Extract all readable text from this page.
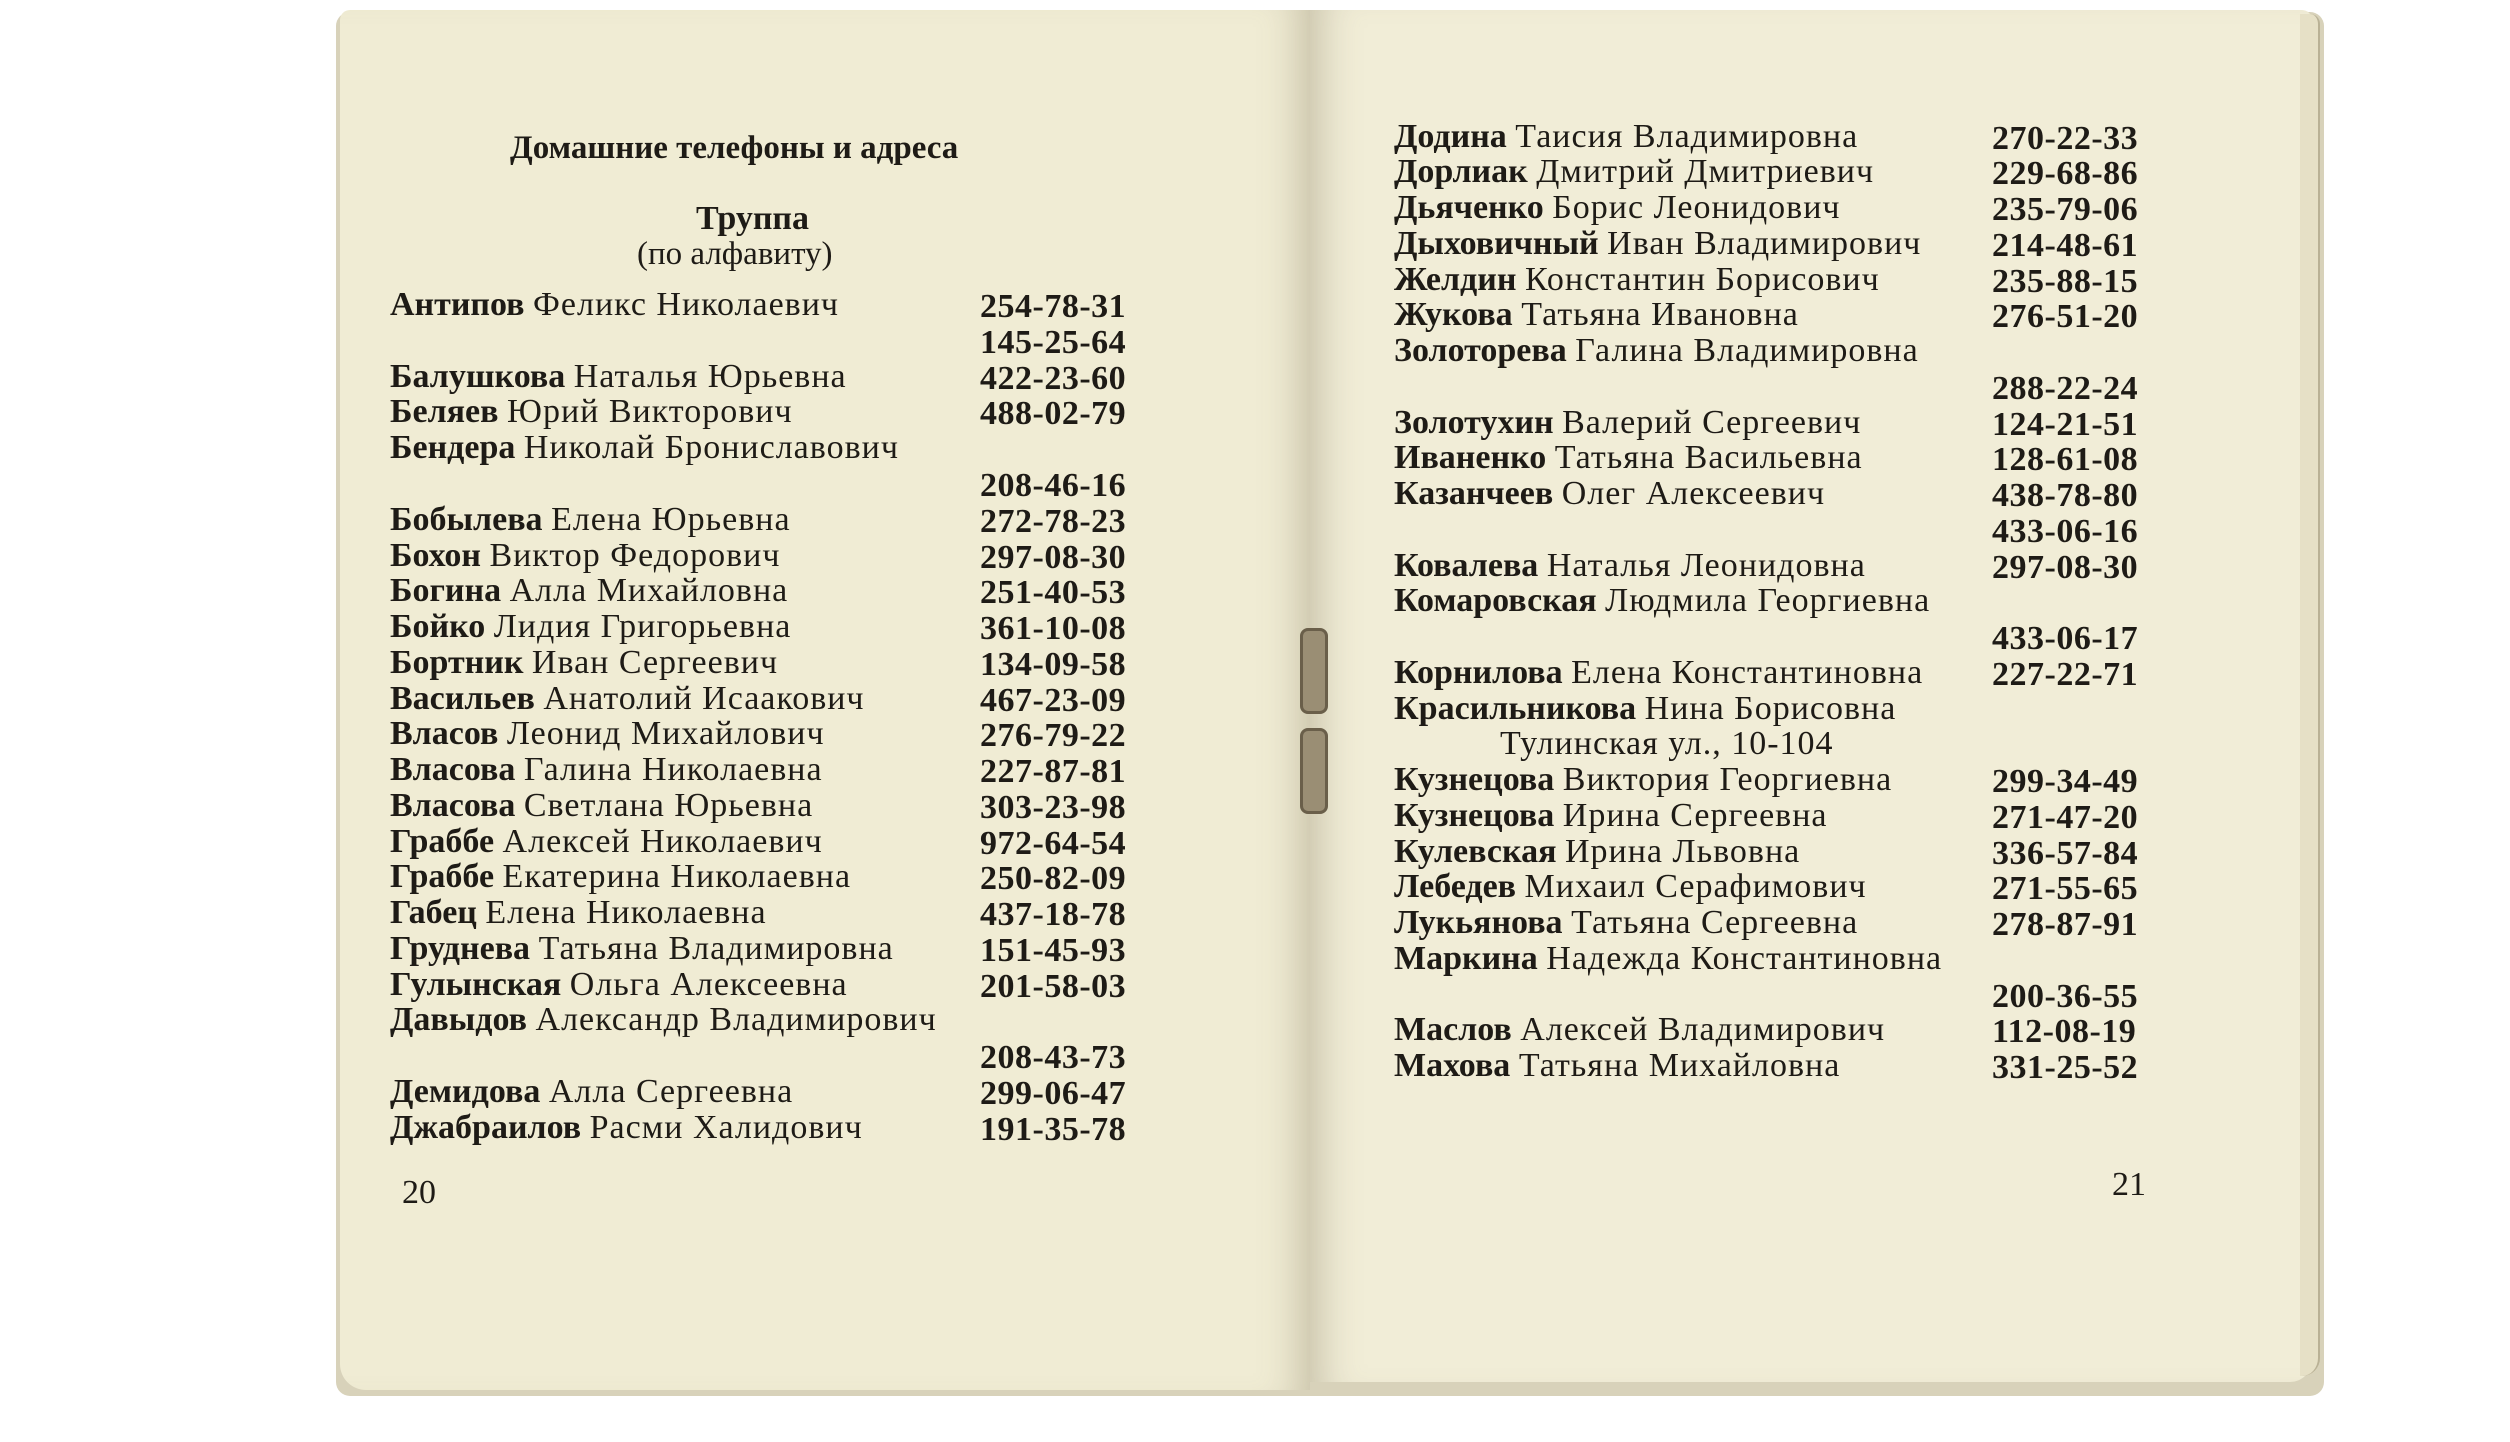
Домашние телефоны и адреса
Труппа
(по алфавиту)
Антипов Феликс Николаевич	254-78-31
145-25-64
Балушкова Наталья Юрьевна	422-23-60
Беляев Юрий Викторович	488-02-79
Бендера Николай Брониславович
208-46-16
Бобылева Елена Юрьевна	272-78-23
Бохон Виктор Федорович	297-08-30
Богина Алла Михайловна	251-40-53
Бойко Лидия Григорьевна	361-10-08
Бортник Иван Сергеевич	134-09-58
Васильев Анатолий Исаакович	467-23-09
Власов Леонид Михайлович	276-79-22
Власова Галина Николаевна	227-87-81
Власова Светлана Юрьевна	303-23-98
Граббе Алексей Николаевич	972-64-54
Граббе Екатерина Николаевна	250-82-09
Габец Елена Николаевна	437-18-78
Груднева Татьяна Владимировна	151-45-93
Гулынская Ольга Алексеевна	201-58-03
Давыдов Александр Владимирович
208-43-73
Демидова Алла Сергеевна	299-06-47
Джабраилов Расми Халидович	191-35-78
Додина Таисия Владимировна	270-22-33
Дорлиак Дмитрий Дмитриевич	229-68-86
Дьяченко Борис Леонидович	235-79-06
Дыховичный Иван Владимирович 214-48-61
Желдин Константин Борисович	235-88-15
Жукова Татьяна Ивановна	276-51-20
Золоторева Галина Владимировна
288-22-24
Золотухин Валерий Сергеевич	124-21-51
Иваненко Татьяна Васильевна	128-61-08
Казанчеев Олег Алексеевич	438-78-80
433-06-16
Ковалева Наталья Леонидовна	297-08-30
Комаровская Людмила Георгиевна
433-06-17
Корнилова Елена Константиновна 227-22-71
Красильникова Нина Борисовна
Тулинская ул., 10-104
Кузнецова Виктория Георгиевна	299-34-49
Кузнецова Ирина Сергеевна	271-47-20
Кулевская Ирина Львовна	336-57-84
Лебедев Михаил Серафимович	271-55-65
Лукьянова Татьяна Сергеевна	278-87-91
Маркина Надежда Константиновна
200-36-55
Маслов Алексей Владимирович	112-08-19
Махова Татьяна Михайловна	331-25-52
20	21
